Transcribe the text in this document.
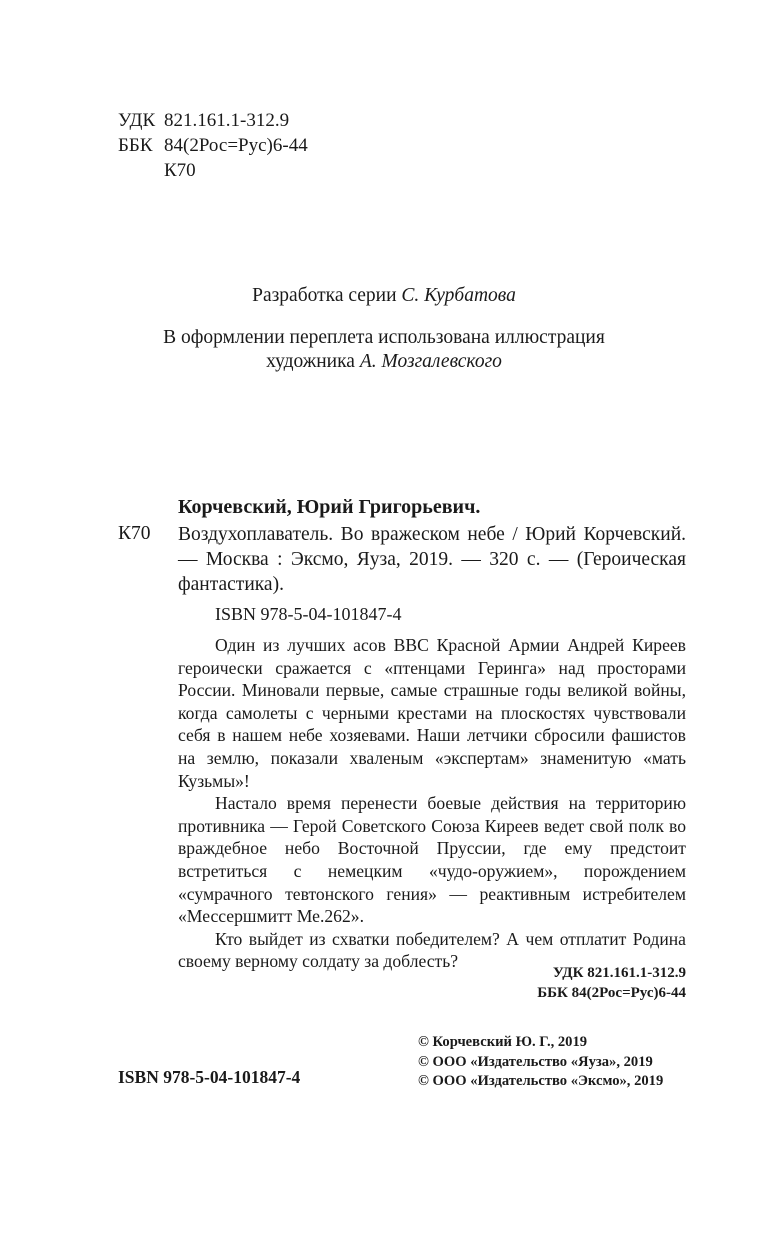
УДК 821.161.1-312.9
ББК 84(2Рос=Рус)6-44
К70
Разработка серии С. Курбатова
В оформлении переплета использована иллюстрация
художника А. Мозгалевского
Корчевский, Юрий Григорьевич.
К70 Воздухоплаватель. Во вражеском небе / Юрий Корчевский. — Москва : Эксмо, Яуза, 2019. — 320 с. — (Героическая фантастика).
ISBN 978-5-04-101847-4

Один из лучших асов ВВС Красной Армии Андрей Киреев героически сражается с «птенцами Геринга» над просторами России. Миновали первые, самые страшные годы великой войны, когда самолеты с черными крестами на плоскостях чувствовали себя в нашем небе хозяевами. Наши летчики сбросили фашистов на землю, показали хваленым «экспертам» знаменитую «мать Кузьмы»!

Настало время перенести боевые действия на территорию противника — Герой Советского Союза Киреев ведет свой полк во враждебное небо Восточной Пруссии, где ему предстоит встретиться с немецким «чудо-оружием», порождением «сумрачного тевтонского гения» — реактивным истребителем «Мессершмитт Ме.262».

Кто выйдет из схватки победителем? А чем отплатит Родина своему верному солдату за доблесть?

УДК 821.161.1-312.9
ББК 84(2Рос=Рус)6-44
© Корчевский Ю. Г., 2019
© ООО «Издательство «Яуза», 2019
© ООО «Издательство «Эксмо», 2019
ISBN 978-5-04-101847-4
